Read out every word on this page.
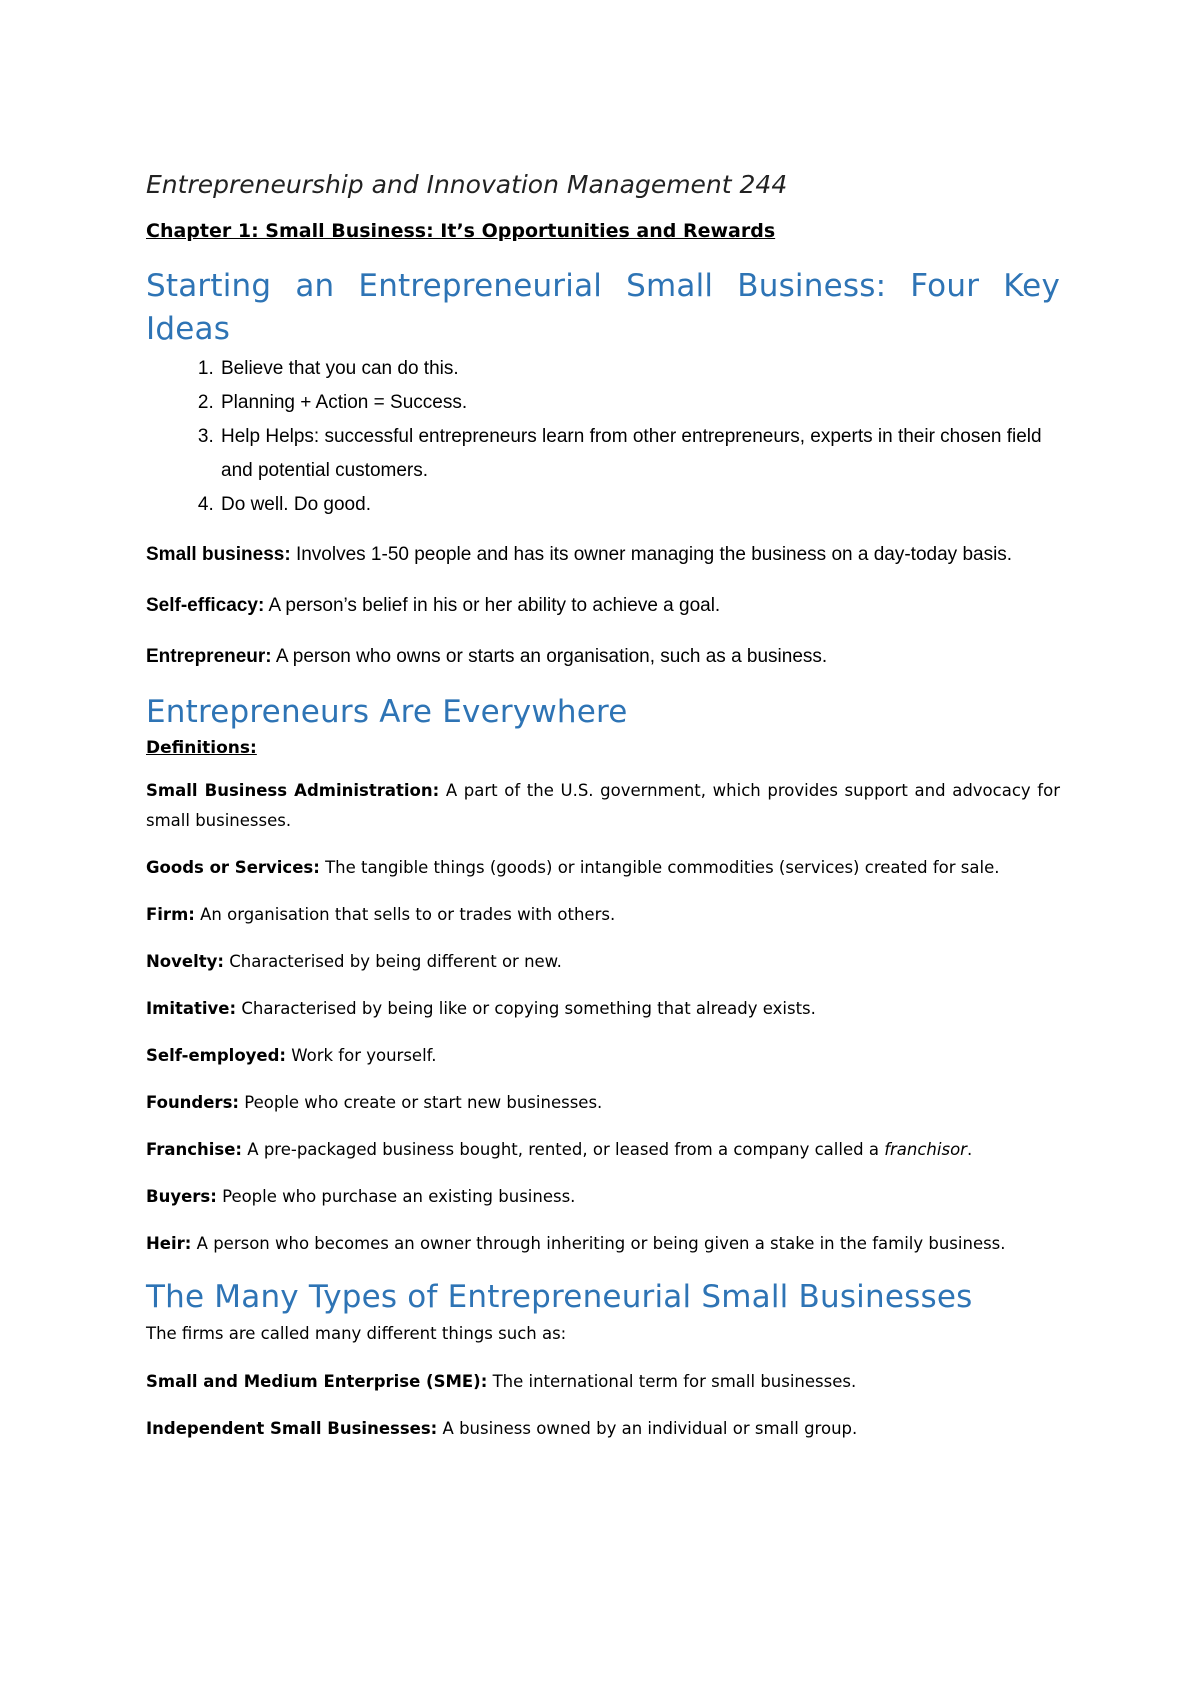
Entrepreneurship and Innovation Management 244
Chapter 1: Small Business: It’s Opportunities and Rewards
Starting an Entrepreneurial Small Business: Four Key Ideas
1. Believe that you can do this.
2. Planning + Action = Success.
3. Help Helps: successful entrepreneurs learn from other entrepreneurs, experts in their chosen field and potential customers.
4. Do well. Do good.

Small business: Involves 1-50 people and has its owner managing the business on a day-today basis.

Self-efficacy: A person’s belief in his or her ability to achieve a goal.

Entrepreneur: A person who owns or starts an organisation, such as a business.

Entrepreneurs Are Everywhere
Definitions:

Small Business Administration: A part of the U.S. government, which provides support and advocacy for small businesses.

Goods or Services: The tangible things (goods) or intangible commodities (services) created for sale.

Firm: An organisation that sells to or trades with others.

Novelty: Characterised by being different or new.

Imitative: Characterised by being like or copying something that already exists.

Self-employed: Work for yourself.

Founders: People who create or start new businesses.

Franchise: A pre-packaged business bought, rented, or leased from a company called a franchisor.

Buyers: People who purchase an existing business.

Heir: A person who becomes an owner through inheriting or being given a stake in the family business.

The Many Types of Entrepreneurial Small Businesses

The firms are called many different things such as:

Small and Medium Enterprise (SME): The international term for small businesses.

Independent Small Businesses: A business owned by an individual or small group.
